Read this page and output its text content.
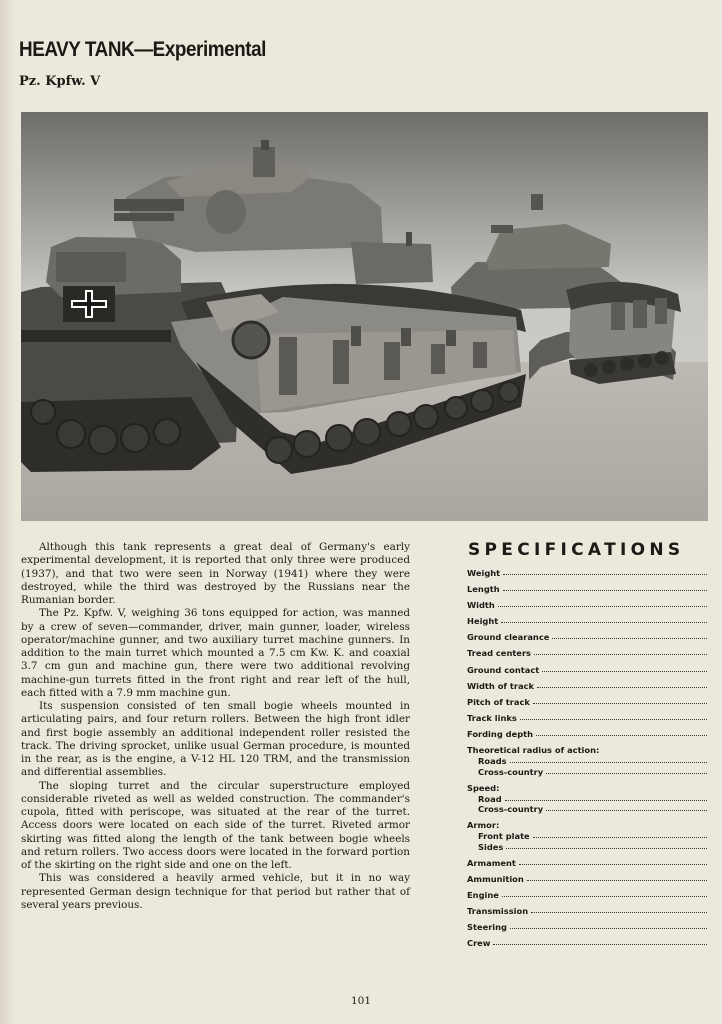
HEAVY TANK—Experimental
Pz. Kpfw. V

Although this tank represents a great deal of Germany's early experimental development, it is reported that only three were produced (1937), and that two were seen in Norway (1941) where they were destroyed, while the third was destroyed by the Russians near the Rumanian border.

The Pz. Kpfw. V, weighing 36 tons equipped for action, was manned by a crew of seven—commander, driver, main gunner, loader, wireless operator/machine gunner, and two auxiliary turret machine gunners. In addition to the main turret which mounted a 7.5 cm Kw. K. and coaxial 3.7 cm gun and machine gun, there were two additional revolving machine-gun turrets fitted in the front right and rear left of the hull, each fitted with a 7.9 mm machine gun.

Its suspension consisted of ten small bogie wheels mounted in articulating pairs, and four return rollers. Between the high front idler and first bogie assembly an additional independent roller resisted the track. The driving sprocket, unlike usual German procedure, is mounted in the rear, as is the engine, a V-12 HL 120 TRM, and the transmission and differential assemblies.

The sloping turret and the circular superstructure employed considerable riveted as well as welded construction. The commander's cupola, fitted with periscope, was situated at the rear of the turret. Access doors were located on each side of the turret. Riveted armor skirting was fitted along the length of the tank between bogie wheels and return rollers. Two access doors were located in the forward portion of the skirting on the right side and one on the left.

This was considered a heavily armed vehicle, but it in no way represented German design technique for that period but rather that of several years previous.

SPECIFICATIONS
Weight
Length
Width
Height
Ground clearance
Tread centers
Ground contact
Width of track
Pitch of track
Track links
Fording depth
Theoretical radius of action:
Roads
Cross-country
Speed:
Road
Cross-country
Armor:
Front plate
Sides
Armament
Ammunition
Engine
Transmission
Steering
Crew

101
